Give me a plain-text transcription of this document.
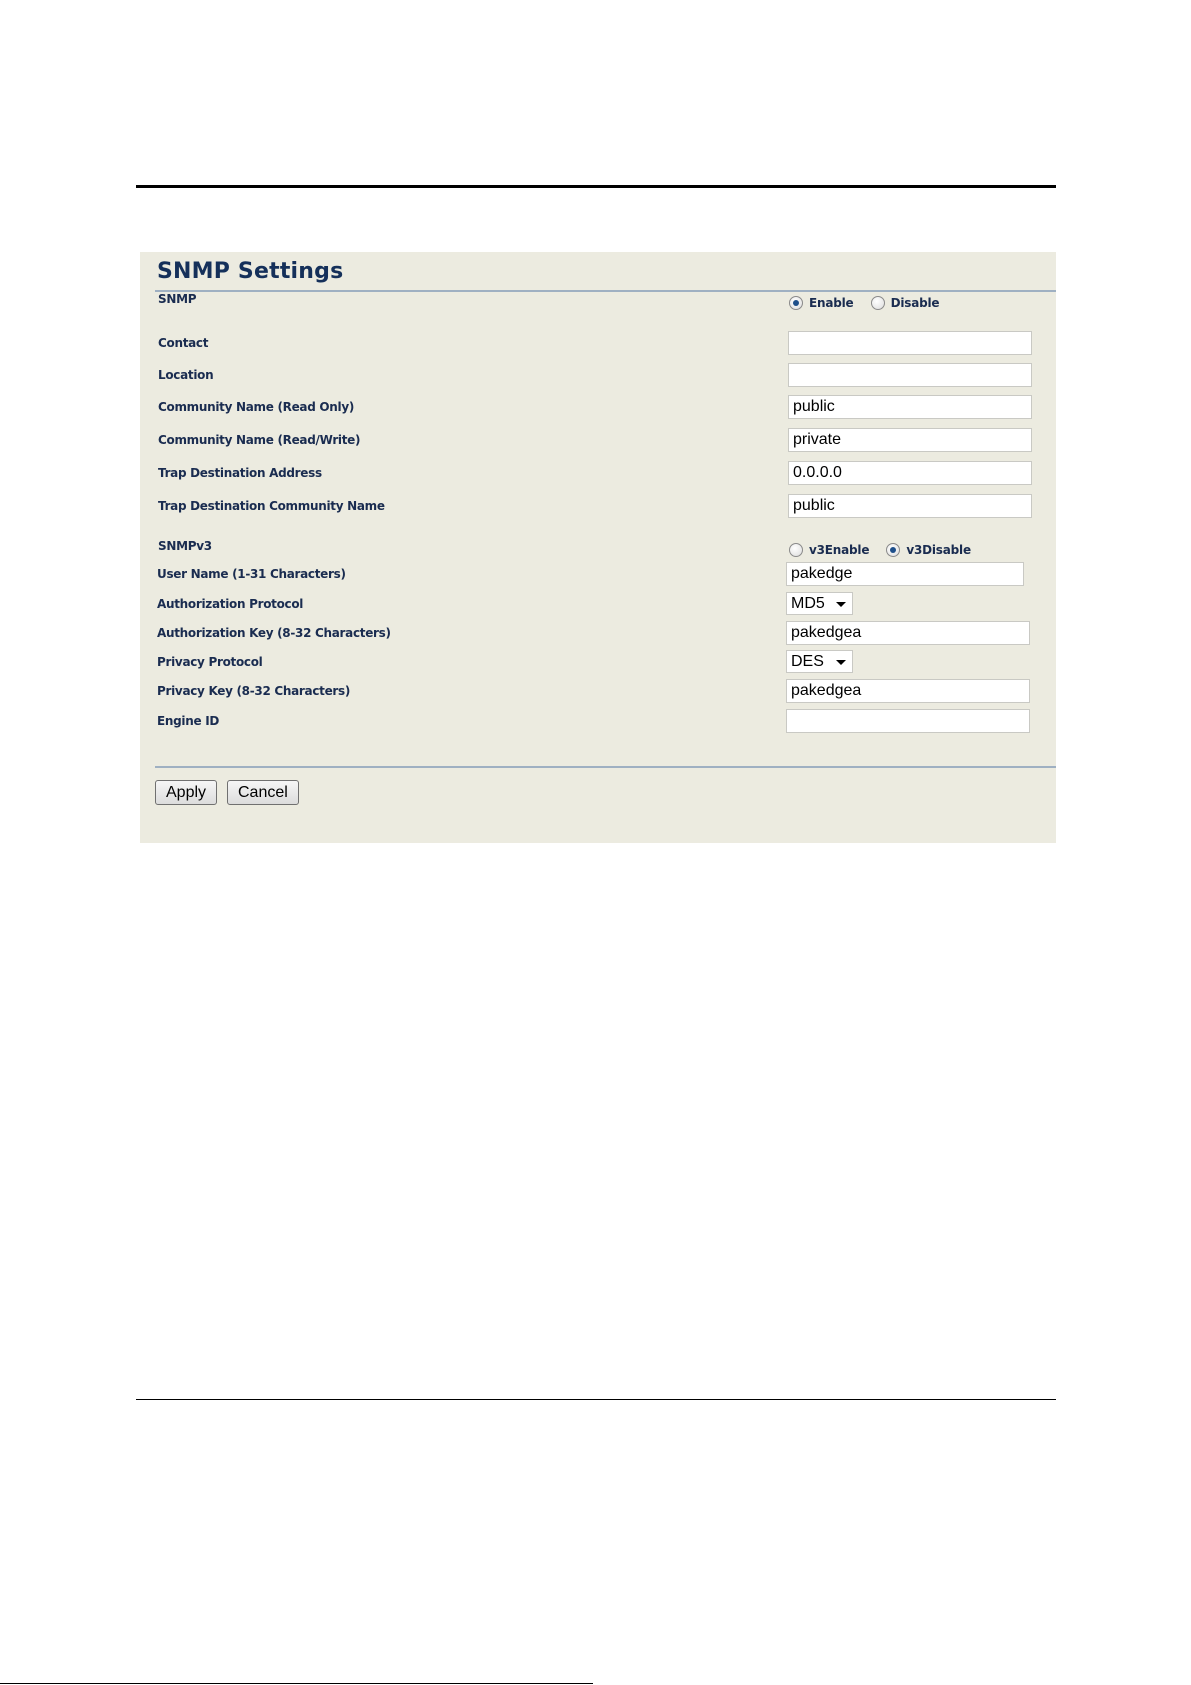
SNMP Settings
SNMP	Enable	Disable
Contact
Location
Community Name (Read Only)	public
Community Name (Read/Write)	private
Trap Destination Address	0.0.0.0
Trap Destination Community Name	public
SNMPv3	v3Enable	v3Disable
User Name (1-31 Characters)	pakedge
Authorization Protocol	MD5
Authorization Key (8-32 Characters)	pakedgea
Privacy Protocol	DES
Privacy Key (8-32 Characters)	pakedgea
Engine ID
Apply	Cancel
